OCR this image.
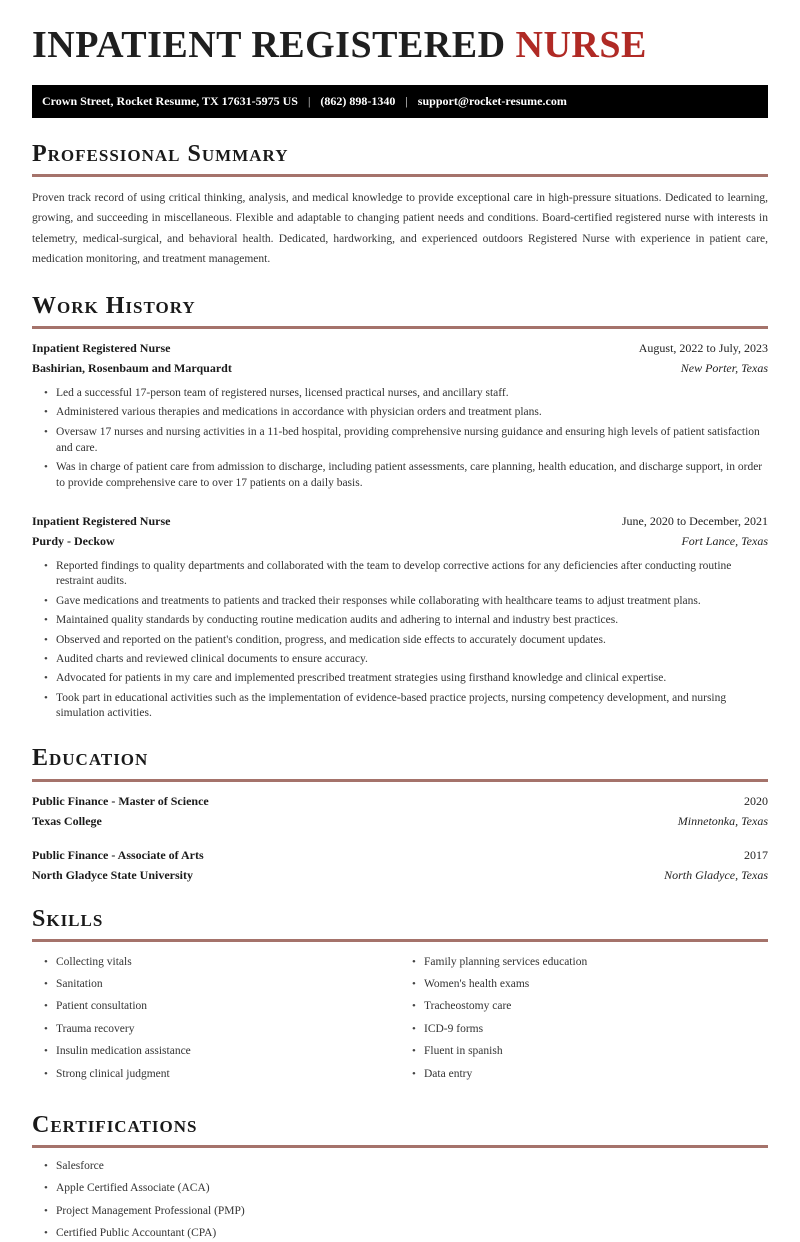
INPATIENT REGISTERED NURSE
Crown Street, Rocket Resume, TX 17631-5975 US | (862) 898-1340 | support@rocket-resume.com
Professional Summary

Proven track record of using critical thinking, analysis, and medical knowledge to provide exceptional care in high-pressure situations. Dedicated to learning, growing, and succeeding in miscellaneous. Flexible and adaptable to changing patient needs and conditions. Board-certified registered nurse with interests in telemetry, medical-surgical, and behavioral health. Dedicated, hardworking, and experienced outdoors Registered Nurse with experience in patient care, medication monitoring, and treatment management.

Work History
Inpatient Registered Nurse	August, 2022 to July, 2023
Bashirian, Rosenbaum and Marquardt	New Porter, Texas
• Led a successful 17-person team of registered nurses, licensed practical nurses, and ancillary staff.
• Administered various therapies and medications in accordance with physician orders and treatment plans.
• Oversaw 17 nurses and nursing activities in a 11-bed hospital, providing comprehensive nursing guidance and ensuring high levels of patient satisfaction and care.
• Was in charge of patient care from admission to discharge, including patient assessments, care planning, health education, and discharge support, in order to provide comprehensive care to over 17 patients on a daily basis.
Inpatient Registered Nurse	June, 2020 to December, 2021
Purdy - Deckow	Fort Lance, Texas
• Reported findings to quality departments and collaborated with the team to develop corrective actions for any deficiencies after conducting routine restraint audits.
• Gave medications and treatments to patients and tracked their responses while collaborating with healthcare teams to adjust treatment plans.
• Maintained quality standards by conducting routine medication audits and adhering to internal and industry best practices.
• Observed and reported on the patient's condition, progress, and medication side effects to accurately document updates.
• Audited charts and reviewed clinical documents to ensure accuracy.
• Advocated for patients in my care and implemented prescribed treatment strategies using firsthand knowledge and clinical expertise.
• Took part in educational activities such as the implementation of evidence-based practice projects, nursing competency development, and nursing simulation activities.
Education
Public Finance - Master of Science	2020
Texas College	Minnetonka, Texas
Public Finance - Associate of Arts	2017
North Gladyce State University	North Gladyce, Texas
Skills
• Collecting vitals
• Sanitation
• Patient consultation
• Trauma recovery
• Insulin medication assistance
• Strong clinical judgment
• Family planning services education
• Women's health exams
• Tracheostomy care
• ICD-9 forms
• Fluent in spanish
• Data entry
Certifications
• Salesforce
• Apple Certified Associate (ACA)
• Project Management Professional (PMP)
• Certified Public Accountant (CPA)
